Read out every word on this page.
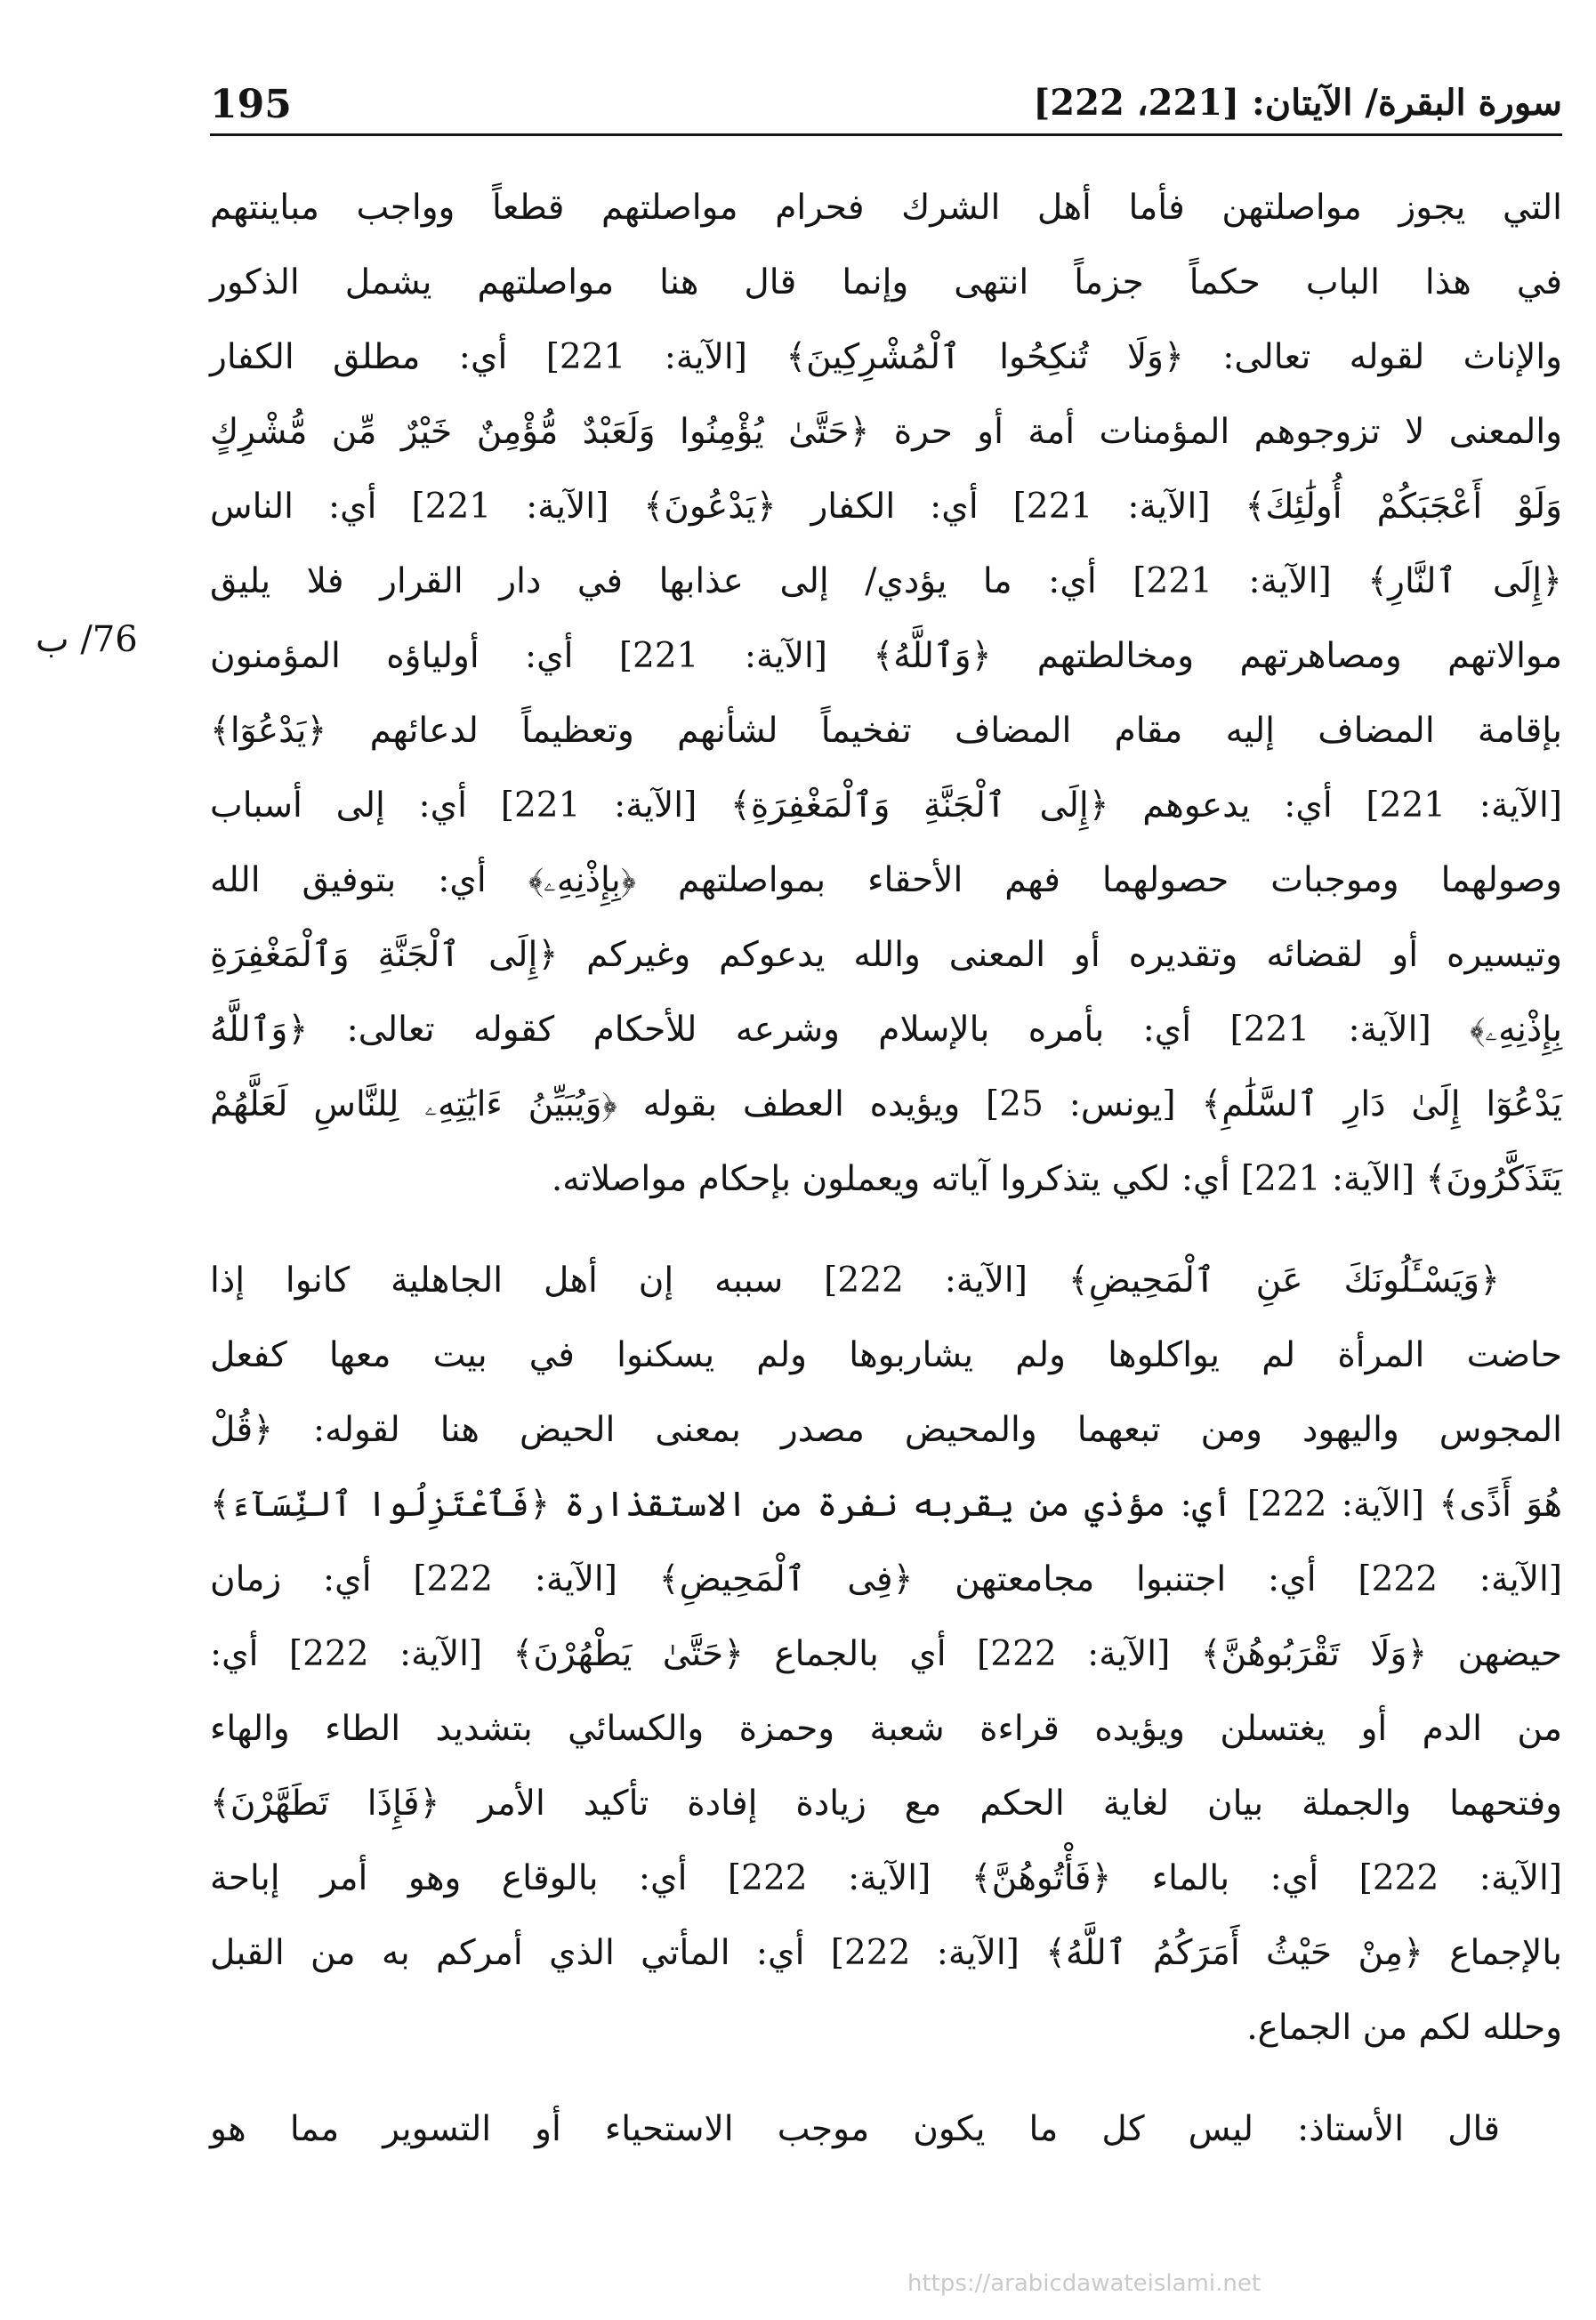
195	سورة البقرة/ الآيتان: [221، 222]
76/ ب
التي يجوز مواصلتهن فأما أهل الشرك فحرام مواصلتهم قطعاً وواجب مباينتهم
في هذا الباب حكماً جزماً انتهى وإنما قال هنا مواصلتهم يشمل الذكور
والإناث لقوله تعالى: ﴿وَلَا تُنكِحُوا ٱلْمُشْرِكِينَ﴾ [الآية: 221] أي: مطلق الكفار
والمعنى لا تزوجوهم المؤمنات أمة أو حرة ﴿حَتَّىٰ يُؤْمِنُوا وَلَعَبْدٌ مُّؤْمِنٌ خَيْرٌ مِّن مُّشْرِكٍ
وَلَوْ أَعْجَبَكُمْ أُولَٰئِكَ﴾ [الآية: 221] أي: الكفار ﴿يَدْعُونَ﴾ [الآية: 221] أي: الناس
﴿إِلَى ٱلنَّارِ﴾ [الآية: 221] أي: ما يؤدي/ إلى عذابها في دار القرار فلا يليق
موالاتهم ومصاهرتهم ومخالطتهم ﴿وَٱللَّهُ﴾ [الآية: 221] أي: أولياؤه المؤمنون
بإقامة المضاف إليه مقام المضاف تفخيماً لشأنهم وتعظيماً لدعائهم ﴿يَدْعُوٓا﴾
[الآية: 221] أي: يدعوهم ﴿إِلَى ٱلْجَنَّةِ وَٱلْمَغْفِرَةِ﴾ [الآية: 221] أي: إلى أسباب
وصولهما وموجبات حصولهما فهم الأحقاء بمواصلتهم ﴿بِإِذْنِهِۦ﴾ أي: بتوفيق الله
وتيسيره أو لقضائه وتقديره أو المعنى والله يدعوكم وغيركم ﴿إِلَى ٱلْجَنَّةِ وَٱلْمَغْفِرَةِ
بِإِذْنِهِۦ﴾ [الآية: 221] أي: بأمره بالإسلام وشرعه للأحكام كقوله تعالى: ﴿وَٱللَّهُ
يَدْعُوٓا إِلَىٰ دَارِ ٱلسَّلَٰمِ﴾ [يونس: 25] ويؤيده العطف بقوله ﴿وَيُبَيِّنُ ءَايَٰتِهِۦ لِلنَّاسِ لَعَلَّهُمْ
يَتَذَكَّرُونَ﴾ [الآية: 221] أي: لكي يتذكروا آياته ويعملون بإحكام مواصلاته.
﴿وَيَسْـَٔلُونَكَ عَنِ ٱلْمَحِيضِ﴾ [الآية: 222] سببه إن أهل الجاهلية كانوا إذا
حاضت المرأة لم يواكلوها ولم يشاربوها ولم يسكنوا في بيت معها كفعل
المجوس واليهود ومن تبعهما والمحيض مصدر بمعنى الحيض هنا لقوله: ﴿قُلْ
هُوَ أَذًى﴾ [الآية: 222] أي: مؤذي من يقربه نفرة من الاستقذارة ﴿فَٱعْتَزِلُوا ٱلنِّسَآءَ﴾
[الآية: 222] أي: اجتنبوا مجامعتهن ﴿فِى ٱلْمَحِيضِ﴾ [الآية: 222] أي: زمان
حيضهن ﴿وَلَا تَقْرَبُوهُنَّ﴾ [الآية: 222] أي بالجماع ﴿حَتَّىٰ يَطْهُرْنَ﴾ [الآية: 222] أي:
من الدم أو يغتسلن ويؤيده قراءة شعبة وحمزة والكسائي بتشديد الطاء والهاء
وفتحهما والجملة بيان لغاية الحكم مع زيادة إفادة تأكيد الأمر ﴿فَإِذَا تَطَهَّرْنَ﴾
[الآية: 222] أي: بالماء ﴿فَأْتُوهُنَّ﴾ [الآية: 222] أي: بالوقاع وهو أمر إباحة
بالإجماع ﴿مِنْ حَيْثُ أَمَرَكُمُ ٱللَّهُ﴾ [الآية: 222] أي: المأتي الذي أمركم به من القبل
وحلله لكم من الجماع.
قال الأستاذ: ليس كل ما يكون موجب الاستحياء أو التسوير مما هو
https://arabicdawateislami.net
